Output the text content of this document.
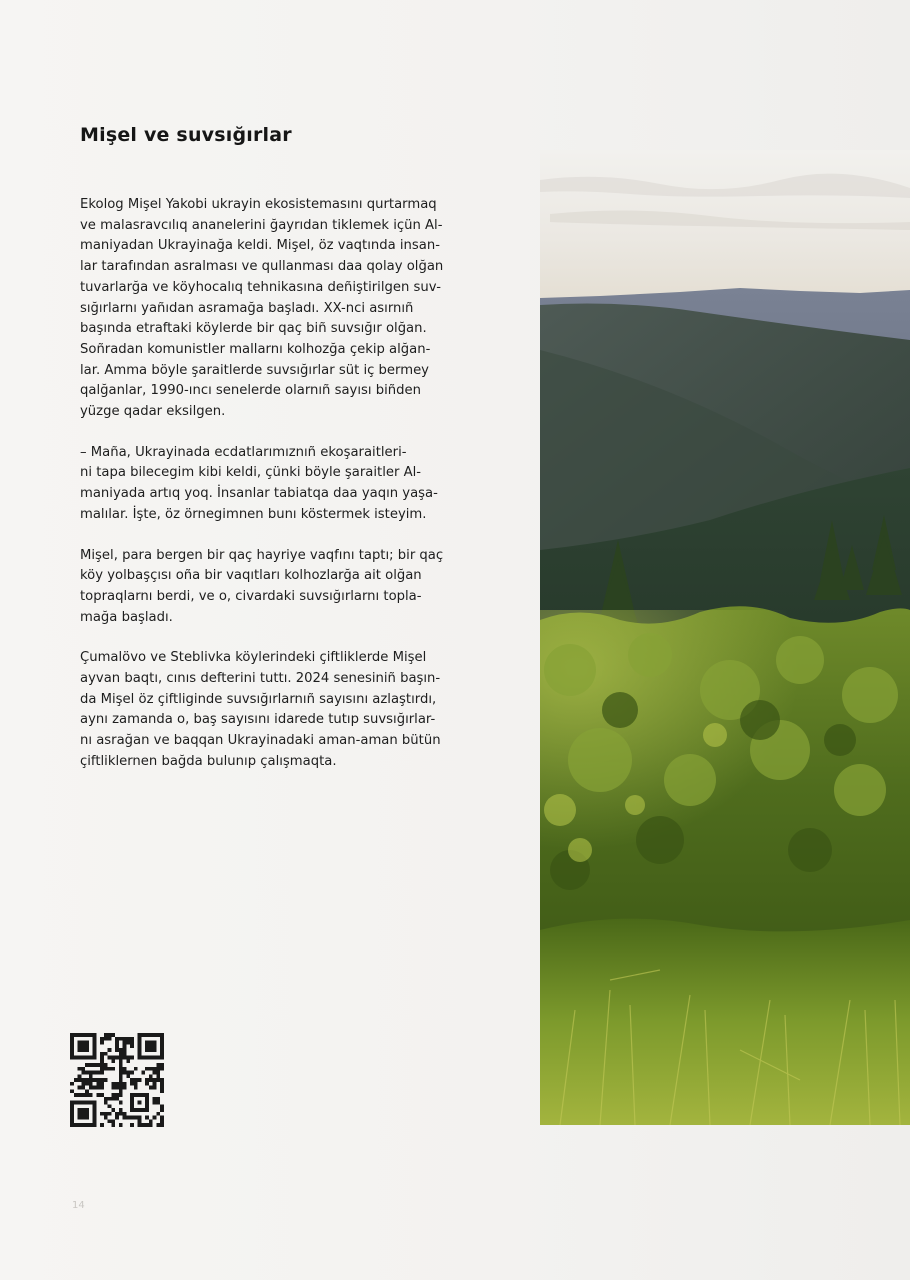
Mişel ve suvsığırlar

Ekolog Mişel Yakobi ukrayin ekosistemasını qurtarmaq
ve malasravcılıq ananelerini ğayrıdan tiklemek içün Al-
maniyadan Ukrayinağa keldi. Mişel, öz vaqtında insan-
lar tarafından asralması ve qullanması daa qolay olğan
tuvarlarğa ve köyhocalıq tehnikasına deñiştirilgen suv-
sığırlarnı yañıdan asramağa başladı. XX-nci asırnıñ
başında etraftaki köylerde bir qaç biñ suvsığır olğan.
Soñradan komunistler mallarnı kolhozğa çekip alğan-
lar. Amma böyle şaraitlerde suvsığırlar süt iç bermey
qalğanlar, 1990-ıncı senelerde olarnıñ sayısı biñden
yüzge qadar eksilgen.

– Maña, Ukrayinada ecdatlarımıznıñ ekoşaraitleri-
ni tapa bilecegim kibi keldi, çünki böyle şaraitler Al-
maniyada artıq yoq. İnsanlar tabiatqa daa yaqın yaşa-
malılar. İşte, öz örnegimnen bunı köstermek isteyim.

Mişel, para bergen bir qaç hayriye vaqfını taptı; bir qaç
köy yolbaşçısı oña bir vaqıtları kolhozlarğa ait olğan
topraqlarnı berdi, ve o, civardaki suvsığırlarnı topla-
mağa başladı.

Çumalövo ve Steblivka köylerindeki çiftliklerde Mişel
ayvan baqtı, cınıs defterini tuttı. 2024 senesiniñ başın-
da Mişel öz çiftliginde suvsığırlarnıñ sayısını azlaştırdı,
aynı zamanda o, baş sayısını idarede tutıp suvsığırlar-
nı asrağan ve baqqan Ukrayinadaki aman-aman bütün
çiftliklernen bağda bulunıp çalışmaqta.

14
